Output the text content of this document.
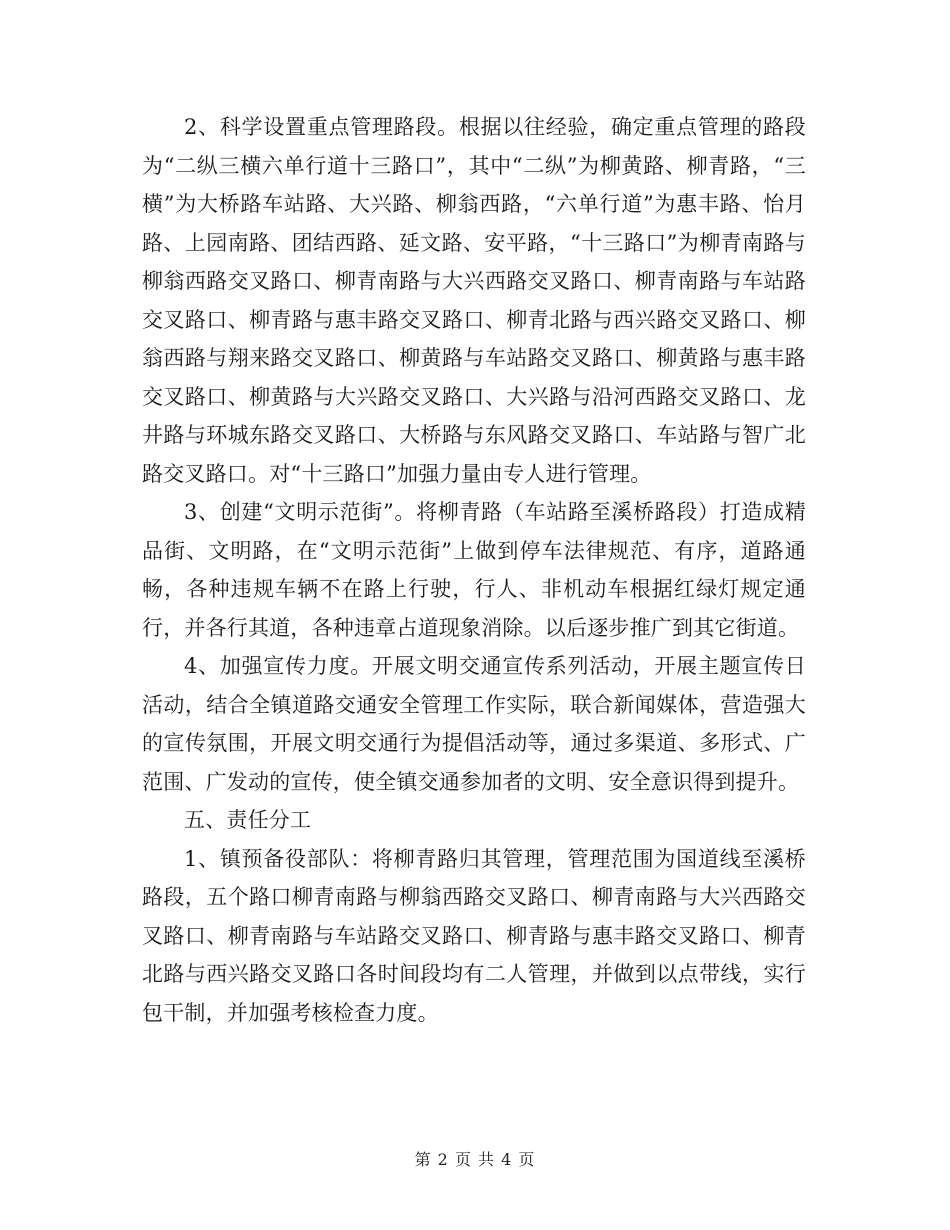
2、科学设置重点管理路段。根据以往经验，确定重点管理的路段为“二纵三横六单行道十三路口”，其中“二纵”为柳黄路、柳青路，“三横”为大桥路车站路、大兴路、柳翁西路，“六单行道”为惠丰路、怡月路、上园南路、团结西路、延文路、安平路，“十三路口”为柳青南路与柳翁西路交叉路口、柳青南路与大兴西路交叉路口、柳青南路与车站路交叉路口、柳青路与惠丰路交叉路口、柳青北路与西兴路交叉路口、柳翁西路与翔来路交叉路口、柳黄路与车站路交叉路口、柳黄路与惠丰路交叉路口、柳黄路与大兴路交叉路口、大兴路与沿河西路交叉路口、龙井路与环城东路交叉路口、大桥路与东风路交叉路口、车站路与智广北路交叉路口。对“十三路口”加强力量由专人进行管理。

3、创建“文明示范街”。将柳青路（车站路至溪桥路段）打造成精品街、文明路，在“文明示范街”上做到停车法律规范、有序，道路通畅，各种违规车辆不在路上行驶，行人、非机动车根据红绿灯规定通行，并各行其道，各种违章占道现象消除。以后逐步推广到其它街道。

4、加强宣传力度。开展文明交通宣传系列活动，开展主题宣传日活动，结合全镇道路交通安全管理工作实际，联合新闻媒体，营造强大的宣传氛围，开展文明交通行为提倡活动等，通过多渠道、多形式、广范围、广发动的宣传，使全镇交通参加者的文明、安全意识得到提升。

五、责任分工

1、镇预备役部队：将柳青路归其管理，管理范围为国道线至溪桥路段，五个路口柳青南路与柳翁西路交叉路口、柳青南路与大兴西路交叉路口、柳青南路与车站路交叉路口、柳青路与惠丰路交叉路口、柳青北路与西兴路交叉路口各时间段均有二人管理，并做到以点带线，实行包干制，并加强考核检查力度。

第 2 页 共 4 页
